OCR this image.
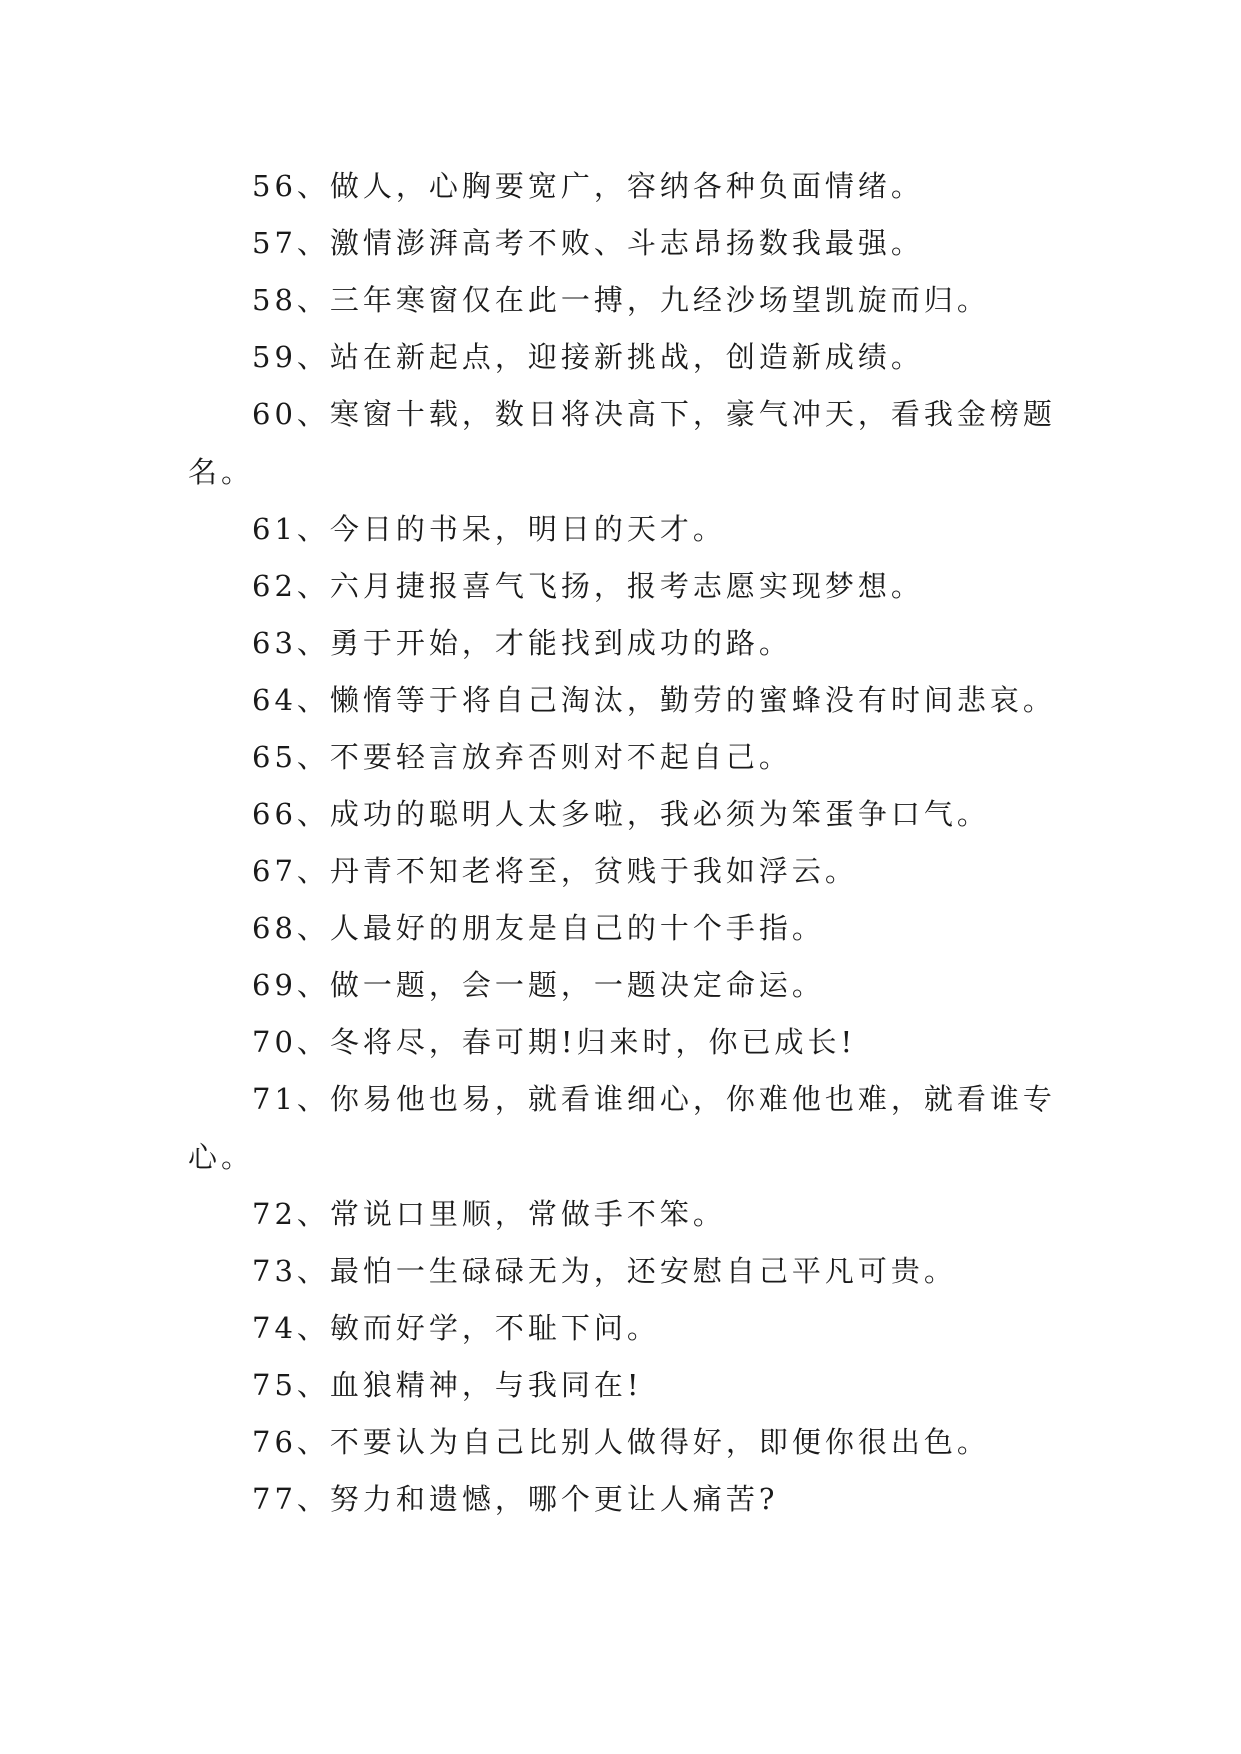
56、做人，心胸要宽广，容纳各种负面情绪。

57、激情澎湃高考不败、斗志昂扬数我最强。

58、三年寒窗仅在此一搏，九经沙场望凯旋而归。

59、站在新起点，迎接新挑战，创造新成绩。

60、寒窗十载，数日将决高下，豪气冲天，看我金榜题名。

61、今日的书呆，明日的天才。

62、六月捷报喜气飞扬，报考志愿实现梦想。

63、勇于开始，才能找到成功的路。

64、懒惰等于将自己淘汰，勤劳的蜜蜂没有时间悲哀。

65、不要轻言放弃否则对不起自己。

66、成功的聪明人太多啦，我必须为笨蛋争口气。

67、丹青不知老将至，贫贱于我如浮云。

68、人最好的朋友是自己的十个手指。

69、做一题，会一题，一题决定命运。

70、冬将尽，春可期!归来时，你已成长!

71、你易他也易，就看谁细心，你难他也难，就看谁专心。

72、常说口里顺，常做手不笨。

73、最怕一生碌碌无为，还安慰自己平凡可贵。

74、敏而好学，不耻下问。

75、血狼精神，与我同在!

76、不要认为自己比别人做得好，即便你很出色。

77、努力和遗憾，哪个更让人痛苦?
